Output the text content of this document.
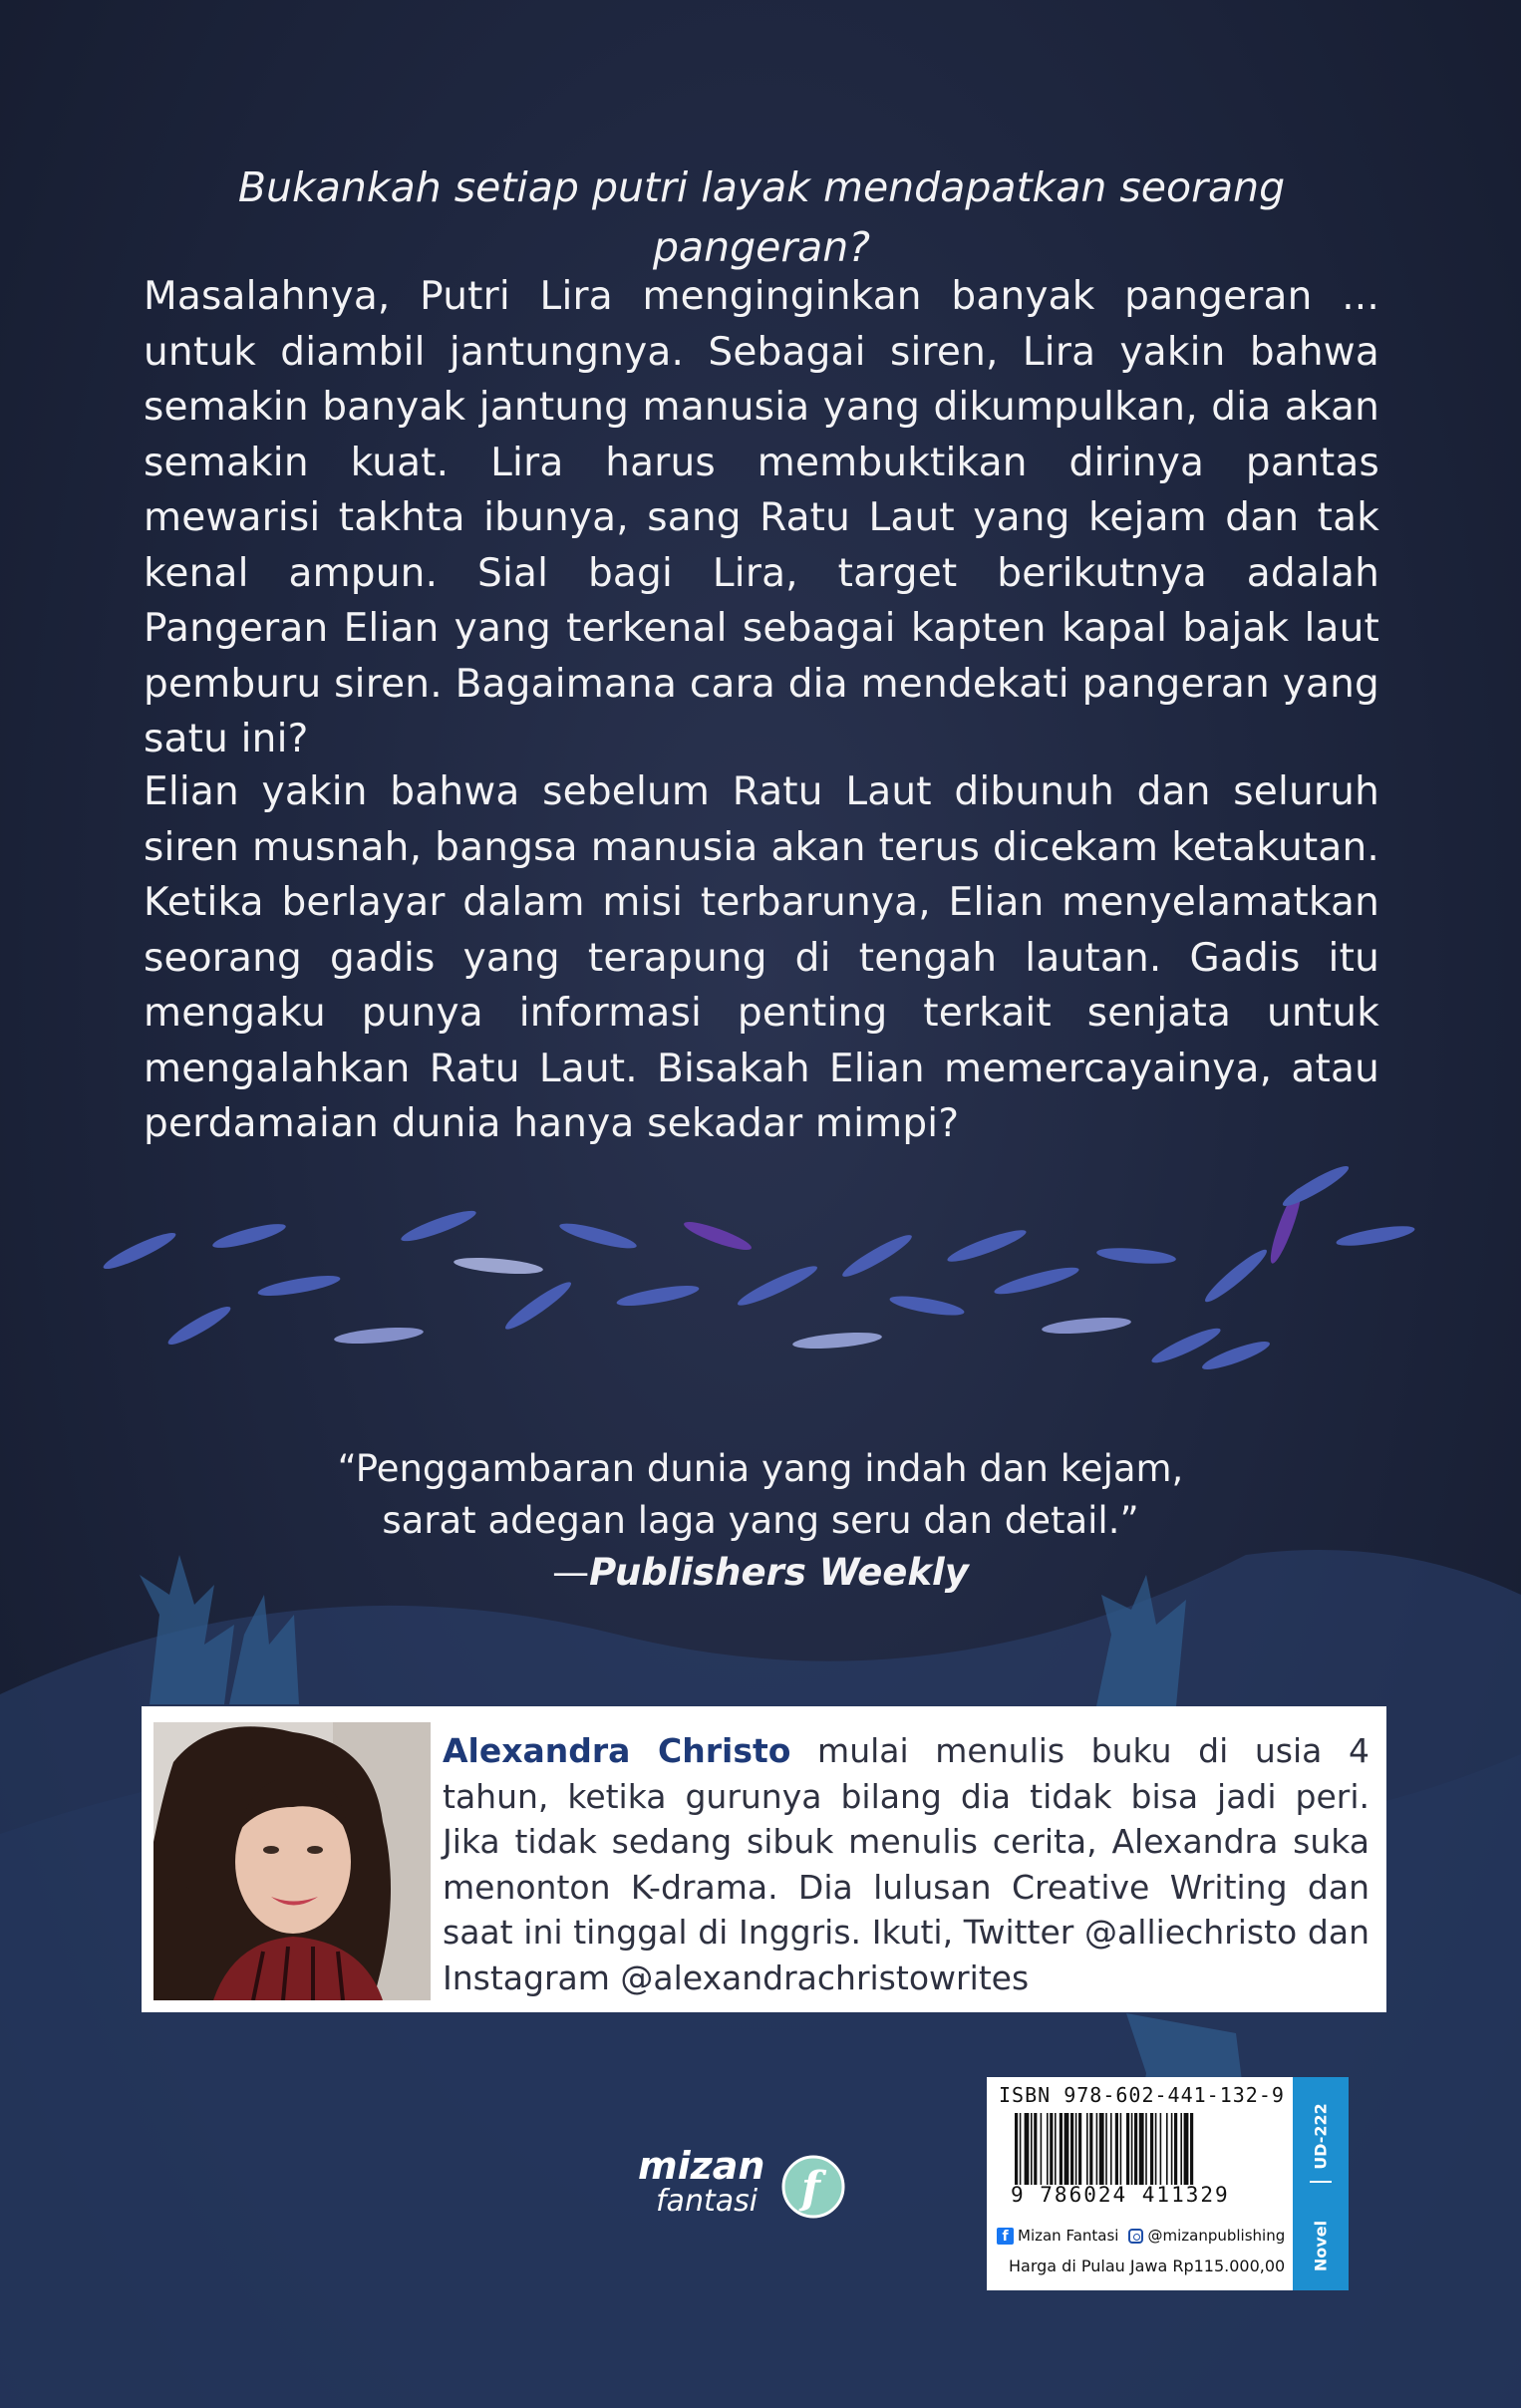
Bukankah setiap putri layak mendapatkan seorang pangeran?

Masalahnya, Putri Lira menginginkan banyak pangeran ... untuk diambil jantungnya. Sebagai siren, Lira yakin bahwa semakin banyak jantung manusia yang dikumpulkan, dia akan semakin kuat. Lira harus membuktikan dirinya pantas mewarisi takhta ibunya, sang Ratu Laut yang kejam dan tak kenal ampun. Sial bagi Lira, target berikutnya adalah Pangeran Elian yang terkenal sebagai kapten kapal bajak laut pemburu siren. Bagaimana cara dia mendekati pangeran yang satu ini?

Elian yakin bahwa sebelum Ratu Laut dibunuh dan seluruh siren musnah, bangsa manusia akan terus dicekam ketakutan. Ketika berlayar dalam misi terbarunya, Elian menyelamatkan seorang gadis yang terapung di tengah lautan. Gadis itu mengaku punya informasi penting terkait senjata untuk mengalahkan Ratu Laut. Bisakah Elian memercayainya, atau perdamaian dunia hanya sekadar mimpi?

“Penggambaran dunia yang indah dan kejam,
sarat adegan laga yang seru dan detail.”
—Publishers Weekly

Alexandra Christo mulai menulis buku di usia 4 tahun, ketika gurunya bilang dia tidak bisa jadi peri. Jika tidak sedang sibuk menulis cerita, Alexandra suka menonton K-drama. Dia lulusan Creative Writing dan saat ini tinggal di Inggris. Ikuti, Twitter @alliechristo dan Instagram @alexandrachristowrites

mizan
fantasi f
ISBN 978-602-441-132-9
9 786024 411329
f Mizan Fantasi @mizanpublishing
Harga di Pulau Jawa Rp115.000,00
UD-222
Novel
